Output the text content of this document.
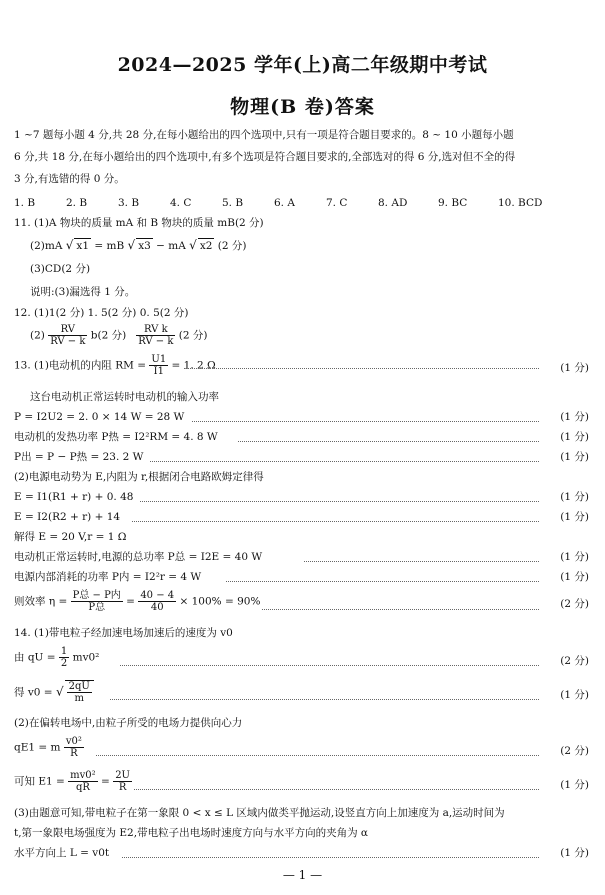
2024—2025 学年(上)高二年级期中考试
物理(B 卷)答案
1 ~7 题每小题 4 分,共 28 分,在每小题给出的四个选项中,只有一项是符合题目要求的。8 ~ 10 小题每小题
6 分,共 18 分,在每小题给出的四个选项中,有多个选项是符合题目要求的,全部选对的得 6 分,选对但不全的得
3 分,有选错的得 0 分。
1. B	2. B	3. B	4. C	5. B	6. A	7. C	8. AD	9. BC	10. BCD
11. (1)A 物块的质量 mA 和 B 物块的质量 mB(2 分)
(2)mA √ x1 = mB √ x3 − mA √ x2 (2 分)
(3)CD(2 分)
说明:(3)漏选得 1 分。
12. (1)1(2 分) 1. 5(2 分) 0. 5(2 分)
$(2) \frac{RV}{RV - k} b(2$ 分) $\frac{\text{RV k}}{RV - k} (2$ 分)
13. (1)电动机的内阻 RM = $\frac{U1}{I1} = 1$. 2 Ω	(1 分)
这台电动机正常运转时电动机的输入功率
P = I2U2 = 2. 0 × 14 W = 28 W	(1 分)
电动机的发热功率 P热 = I2²RM = 4. 8 W	(1 分)
P出 = P − P热 = 23. 2 W	(1 分)
(2)电源电动势为 E,内阻为 r,根据闭合电路欧姆定律得
E = I1(R1 + r) + 0. 48	(1 分)
E = I2(R2 + r) + 14	(1 分)
解得 E = 20 V,r = 1 Ω
电动机正常运转时,电源的总功率 P总 = I2E = 40 W	(1 分)
电源内部消耗的功率 P内 = I2²r = 4 W	(1 分)
则效率 $\eta = \frac{\text{P总 − P内}}{\text{P总}} = \frac{40 - 4}{40} \times 100\% = 90\%$	(2 分)
14. (1)带电粒子经加速电场加速后的速度为 v0
由 qU = $\frac{1}{2} mv0^2$	(2 分)
得 v0 = √ $\frac{2qU}{m}$	(1 分)
(2)在偏转电场中,由粒子所受的电场力提供向心力
qE1 = m $\frac{\text{v0²}}{R}$	(2 分)
可知 $E1 = \frac{\text{mv0²}}{qR} = \frac{2U}{R}$	(1 分)
(3)由题意可知,带电粒子在第一象限 0 < x ≤ L 区域内做类平抛运动,设竖直方向上加速度为 a,运动时间为
t,第一象限电场强度为 E2,带电粒子出电场时速度方向与水平方向的夹角为 α
水平方向上 L = v0t	(1 分)
— 1 —
